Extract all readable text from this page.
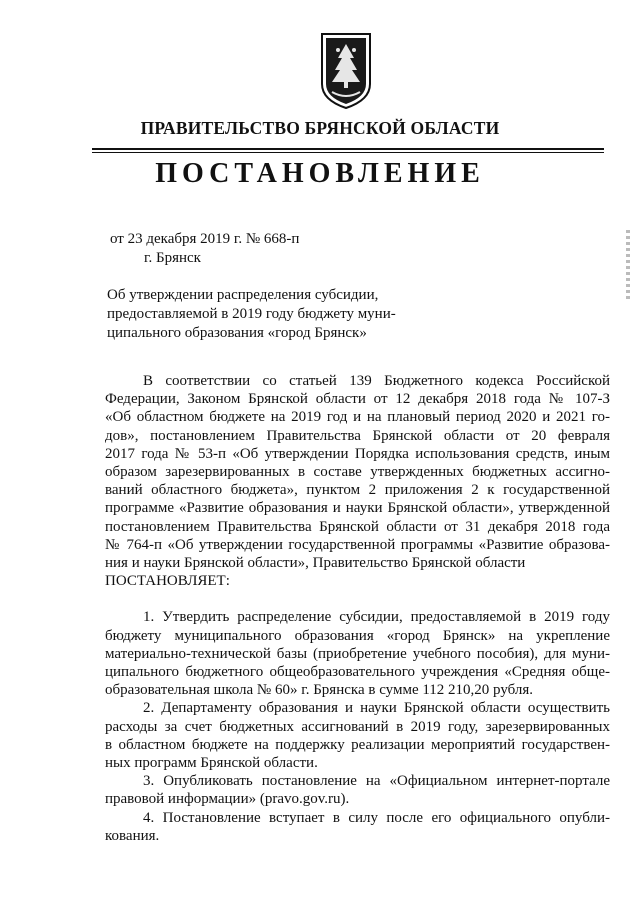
ПРАВИТЕЛЬСТВО БРЯНСКОЙ ОБЛАСТИ
ПОСТАНОВЛЕНИЕ
от 23 декабря 2019 г. № 668-п
г. Брянск
Об утверждении распределения субсидии,
предоставляемой в 2019 году бюджету муни-
ципального образования «город Брянск»
В соответствии со статьей 139 Бюджетного кодекса Российской
Федерации, Законом Брянской области от 12 декабря 2018 года № 107-З
«Об областном бюджете на 2019 год и на плановый период 2020 и 2021 го-
дов», постановлением Правительства Брянской области от 20 февраля
2017 года № 53-п «Об утверждении Порядка использования средств, иным
образом зарезервированных в составе утвержденных бюджетных ассигно-
ваний областного бюджета», пунктом 2 приложения 2 к государственной
программе «Развитие образования и науки Брянской области», утвержденной
постановлением Правительства Брянской области от 31 декабря 2018 года
№ 764-п «Об утверждении государственной программы «Развитие образова-
ния и науки Брянской области», Правительство Брянской области
ПОСТАНОВЛЯЕТ:
1. Утвердить распределение субсидии, предоставляемой в 2019 году
бюджету муниципального образования «город Брянск» на укрепление
материально-технической базы (приобретение учебного пособия), для муни-
ципального бюджетного общеобразовательного учреждения «Средняя обще-
образовательная школа № 60» г. Брянска в сумме 112 210,20 рубля.
2. Департаменту образования и науки Брянской области осуществить
расходы за счет бюджетных ассигнований в 2019 году, зарезервированных
в областном бюджете на поддержку реализации мероприятий государствен-
ных программ Брянской области.
3. Опубликовать постановление на «Официальном интернет-портале
правовой информации» (pravo.gov.ru).
4. Постановление вступает в силу после его официального опубли-
кования.
